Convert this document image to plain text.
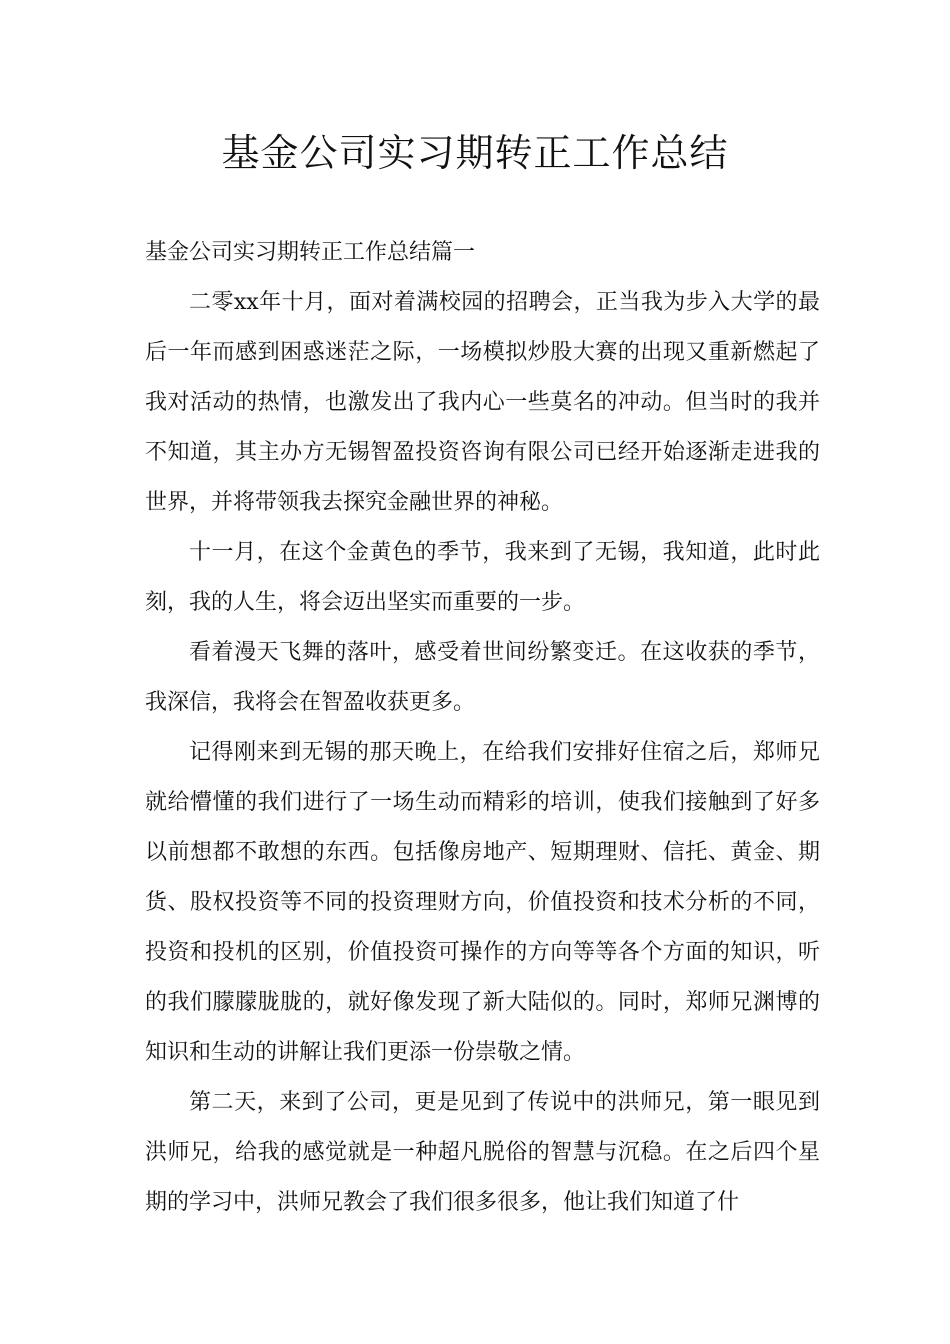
基金公司实习期转正工作总结

基金公司实习期转正工作总结篇一

二零xx年十月，面对着满校园的招聘会，正当我为步入大学的最后一年而感到困惑迷茫之际，一场模拟炒股大赛的出现又重新燃起了我对活动的热情，也激发出了我内心一些莫名的冲动。但当时的我并不知道，其主办方无锡智盈投资咨询有限公司已经开始逐渐走进我的世界，并将带领我去探究金融世界的神秘。

十一月，在这个金黄色的季节，我来到了无锡，我知道，此时此刻，我的人生，将会迈出坚实而重要的一步。

看着漫天飞舞的落叶，感受着世间纷繁变迁。在这收获的季节，我深信，我将会在智盈收获更多。

记得刚来到无锡的那天晚上，在给我们安排好住宿之后，郑师兄就给懵懂的我们进行了一场生动而精彩的培训，使我们接触到了好多以前想都不敢想的东西。包括像房地产、短期理财、信托、黄金、期货、股权投资等不同的投资理财方向，价值投资和技术分析的不同，投资和投机的区别，价值投资可操作的方向等等各个方面的知识，听的我们朦朦胧胧的，就好像发现了新大陆似的。同时，郑师兄渊博的知识和生动的讲解让我们更添一份崇敬之情。

第二天，来到了公司，更是见到了传说中的洪师兄，第一眼见到洪师兄，给我的感觉就是一种超凡脱俗的智慧与沉稳。在之后四个星期的学习中，洪师兄教会了我们很多很多，他让我们知道了什
